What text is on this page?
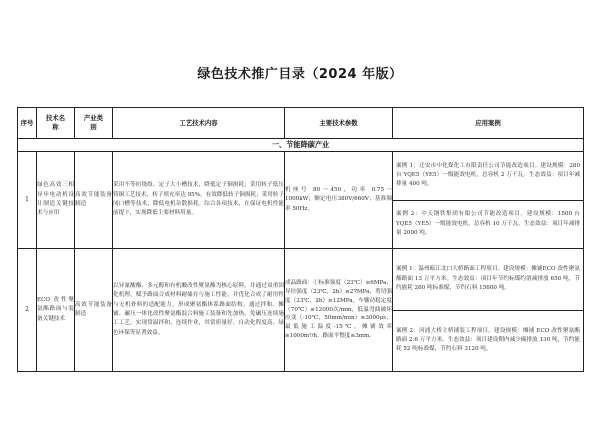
绿色技术推广目录（2024 年版）
序号	技术名称	产业类别	工艺技术内容	主要技术参数	应用案例
一、节能降碳产业					
1	绿色高效三相异步电动机设计制造关键技术与应用	高效节能装备制造	采用不等匝绕组、定子大小槽技术，降低定子铜损耗；采用转子低压铸铜工艺技术，转子填充率达 95%，有效降低转子铜损耗；采用转子闭口槽等技术，降低电机杂散损耗。综合各项技术，在保证电机性能前提下，实现降低主要材料用量。	机座号 80～450，功率 0.75～1000kW；额定电压380V/660V；基准频率 50Hz。	案例 1：迁安市中化煤化工有限责任公司节能改造项目。建设规模：280 台 YQE5（YE5）一级能效电机，总容机 2 万千瓦。生态效益：项目年减排量 400 吨。
案例 2：中天钢铁集团有限公司节能改造项目。建设规模：1500 台 YQE5（YE5）一级能效电机，总容机 10 万千瓦。生态效益：项目年减排量 2000 吨。

2	ECO 改性聚氨酯路面与装备关键技术	高效节能装备制造	以异氰酸酯、多元醇和有机酸改性聚氨酯为核心原料，并通过双重固化机理，赋予路面合成材料耐储存与施工性能，并优化合成了耐用性与无机骨料的适配能力，形成聚氨酯体系路面结构。通过拌和、摊铺、碾压一体化改性聚氨酯混合料施工装备和先加热、免碾压连续施工工艺，实现常温拌和、连续作业，其常质量好、自动化程度高、绿色环保等显著效益。	成品路面：①标准强度（23℃）≥6MPa，导拉强度（23℃，2h）≥27MPa，剪切强度（23℃，2h）≥12MPa，车辙动稳定度（70℃）≥12000次/mm，低温弯曲破坏应变（-10℃，50mm/min）≥3000με，最低施工温度-15℃，摊铺效率≥1000m²/h，路面平整度≤3mm。	案例 1：温州瓯江北口大桥路面工程项目。建设规模：摊铺ECO 改性聚氨酯路面 13 万平方米。生态效益：项目年节约标煤约消减排放 650 吨，节约能耗 260 吨标准煤，节约石料 15600 吨。
案例 2：河浦大桥主桥铺装工程项目。建设规模：摊铺 ECO 改性聚氨酯路面 2.6 万平方米。生态效益：项目建设期内减少碳排放 130 吨，节约能耗 52 吨标准煤，节约石料 3120 吨。
